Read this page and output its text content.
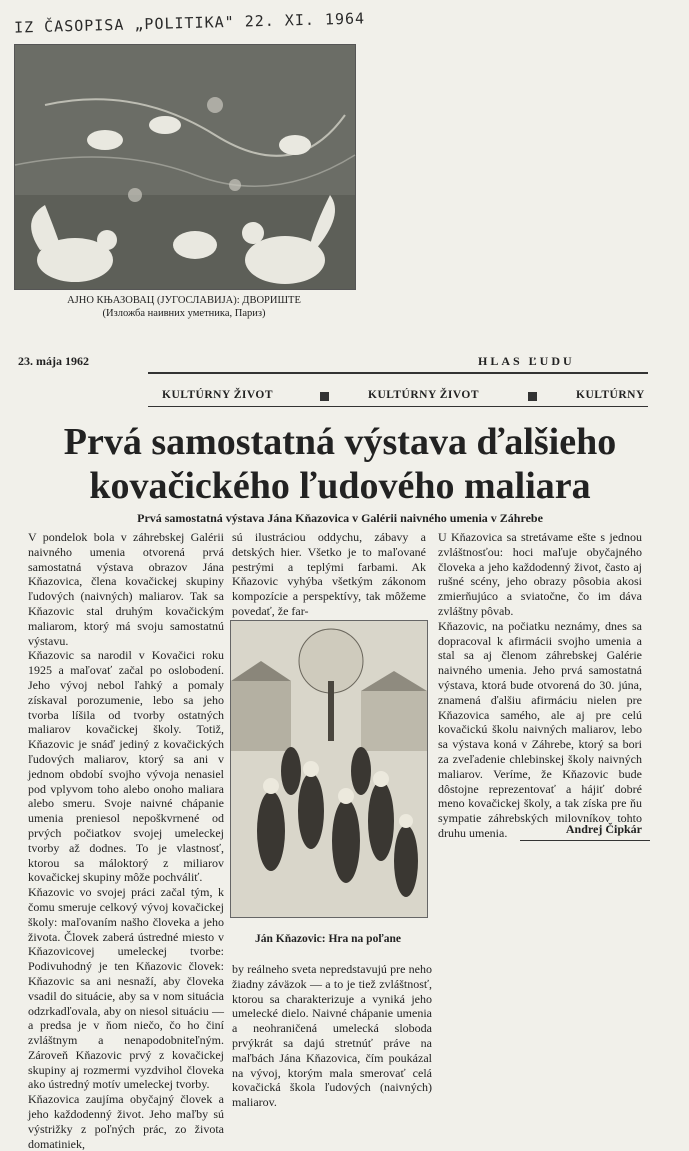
IZ ČASOPISA „POLITIKA" 22. XI. 1964
АЈНО КЊАЗОВАЦ (ЈУГОСЛАВИЈА): ДВОРИШТЕ
(Изложба наивних уметника, Париз)
23. mája 1962	HLAS ĽUDU
KULTÚRNY ŽIVOT	KULTÚRNY ŽIVOT	KULTÚRNY
Prvá samostatná výstava ďalšieho
kovačického ľudového maliara
Prvá samostatná výstava Jána Kňazovica v Galérii naivného umenia v Záhrebe
V pondelok bola v záhrebskej Galérii naivného umenia otvorená prvá samostatná výstava obrazov Jána Kňazovica, člena kovačickej skupiny ľudových (naivných) maliarov. Tak sa Kňazovic stal druhým kovačickým maliarom, ktorý má svoju samostatnú výstavu.
Kňazovic sa narodil v Kovačici roku 1925 a maľovať začal po oslobodení. Jeho vývoj nebol ľahký a pomaly získaval porozumenie, lebo sa jeho tvorba líšila od tvorby ostatných maliarov kovačickej školy. Totiž, Kňazovic je snáď jediný z kovačických ľudových maliarov, ktorý sa ani v jednom období svojho vývoja nenasiel pod vplyvom toho alebo onoho maliara alebo smeru. Svoje naivné chápanie umenia preniesol nepoškvrnené od prvých počiatkov svojej umeleckej tvorby až dodnes. To je vlastnosť, ktorou sa máloktorý z miliarov kovačickej skupiny môže pochváliť.
Kňazovic vo svojej práci začal tým, k čomu smeruje celkový vývoj kovačickej školy: maľovaním našho človeka a jeho života. Človek zaberá ústredné miesto v Kňazovicovej umeleckej tvorbe: Podivuhodný je ten Kňazovic človek: Kňazovic sa ani nesnaží, aby človeka vsadil do situácie, aby sa v nom situácia odzrkadľovala, aby on niesol situáciu — a predsa je v ňom niečo, čo ho činí zvláštnym a nenapodobniteľným. Zároveň Kňazovic prvý z kovačickej skupiny aj rozmermi vyzdvihol človeka ako ústredný motív umeleckej tvorby.
Kňazovica zaujíma obyčajný človek a jeho každodenný život. Jeho maľby sú výstrižky z poľných prác, zo života domatiniek,
sú ilustráciou oddychu, zábavy a detských hier. Všetko je to maľované pestrými a teplými farbami. Ak Kňazovic vyhýba všetkým zákonom kompozície a perspektívy, tak môžeme povedať, že far-
Ján Kňazovic: Hra na poľane
by reálneho sveta nepredstavujú pre neho žiadny záväzok — a to je tiež zvláštnosť, ktorou sa charakterizuje a vyniká jeho umelecké dielo. Naivné chápanie umenia a neohraničená umelecká sloboda prvýkrát sa dajú stretnúť práve na maľbách Jána Kňazovica, čím poukázal na vývoj, ktorým mala smerovať celá kovačická škola ľudových (naivných) maliarov.
U Kňazovica sa stretávame ešte s jednou zvláštnosťou: hoci maľuje obyčajného človeka a jeho každodenný život, často aj rušné scény, jeho obrazy pôsobia akosi zmierňujúco a sviatočne, čo im dáva zvláštny pôvab.
Kňazovic, na počiatku neznámy, dnes sa dopracoval k afirmácii svojho umenia a stal sa aj členom záhrebskej Galérie naivného umenia. Jeho prvá samostatná výstava, ktorá bude otvorená do 30. júna, znamená ďalšiu afirmáciu nielen pre Kňazovica samého, ale aj pre celú kovačickú školu naivných maliarov, lebo sa výstava koná v Záhrebe, ktorý sa bori za zveľadenie chlebinskej školy naivných maliarov. Veríme, že Kňazovic bude dôstojne reprezentovať a hájiť dobré meno kovačickej školy, a tak získa pre ňu sympatie záhrebských milovníkov tohto druhu umenia.	Andrej Čipkár
